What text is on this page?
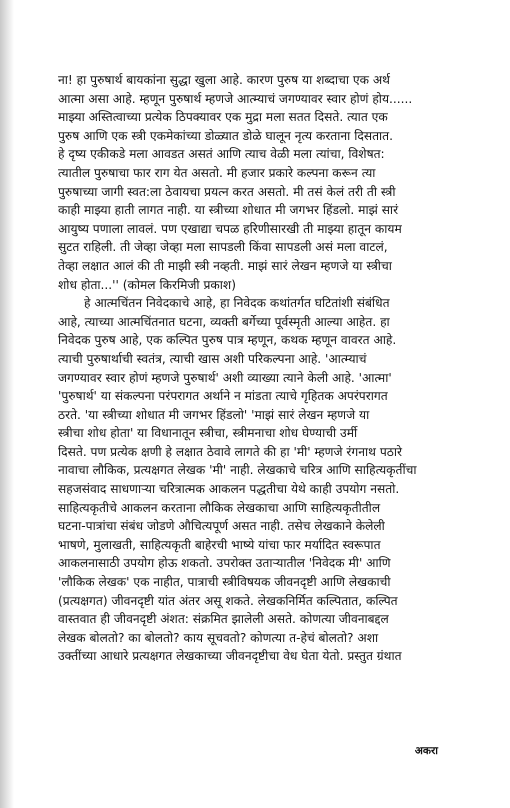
ना! हा पुरुषार्थ बायकांना सुद्धा खुला आहे. कारण पुरुष या शब्दाचा एक अर्थ
आत्मा असा आहे. म्हणून पुरुषार्थ म्हणजे आत्म्याचं जगण्यावर स्वार होणं होय......
माझ्या अस्तित्वाच्या प्रत्येक ठिपक्यावर एक मुद्रा मला सतत दिसते. त्यात एक
पुरुष आणि एक स्त्री एकमेकांच्या डोळ्यात डोळे घालून नृत्य करताना दिसतात.
हे दृष्य एकीकडे मला आवडत असतं आणि त्याच वेळी मला त्यांचा, विशेषत:
त्यातील पुरुषाचा फार राग येत असतो. मी हजार प्रकारे कल्पना करून त्या
पुरुषाच्या जागी स्वत:ला ठेवायचा प्रयत्न करत असतो. मी तसं केलं तरी ती स्त्री
काही माझ्या हाती लागत नाही. या स्त्रीच्या शोधात मी जगभर हिंडलो. माझं सारं
आयुष्य पणाला लावलं. पण एखाद्या चपळ हरिणीसारखी ती माझ्या हातून कायम
सुटत राहिली. ती जेव्हा जेव्हा मला सापडली किंवा सापडली असं मला वाटलं,
तेव्हा लक्षात आलं की ती माझी स्त्री नव्हती. माझं सारं लेखन म्हणजे या स्त्रीचा
शोध होता...'' (कोमल किरमिजी प्रकाश)
हे आत्मचिंतन निवेदकाचे आहे, हा निवेदक कथांतर्गत घटितांशी संबंधित
आहे, त्याच्या आत्मचिंतनात घटना, व्यक्ती बर्गेच्या पूर्वस्मृती आल्या आहेत. हा
निवेदक पुरुष आहे, एक कल्पित पुरुष पात्र म्हणून, कथक म्हणून वावरत आहे.
त्याची पुरुषार्थाची स्वतंत्र, त्याची खास अशी परिकल्पना आहे. 'आत्म्याचं
जगण्यावर स्वार होणं म्हणजे पुरुषार्थ' अशी व्याख्या त्याने केली आहे. 'आत्मा'
'पुरुषार्थ' या संकल्पना परंपरागत अर्थाने न मांडता त्याचे गृहितक अपरंपरागत
ठरते. 'या स्त्रीच्या शोधात मी जगभर हिंडलो' 'माझं सारं लेखन म्हणजे या
स्त्रीचा शोध होता' या विधानातून स्त्रीचा, स्त्रीमनाचा शोध घेण्याची उर्मी
दिसते. पण प्रत्येक क्षणी हे लक्षात ठेवावे लागते की हा 'मी' म्हणजे रंगनाथ पठारे
नावाचा लौकिक, प्रत्यक्षगत लेखक 'मी' नाही. लेखकाचे चरित्र आणि साहित्यकृतींचा
सहजसंवाद साधणाऱ्या चरित्रात्मक आकलन पद्धतीचा येथे काही उपयोग नसतो.
साहित्यकृतीचे आकलन करताना लौकिक लेखकाचा आणि साहित्यकृतीतील
घटना-पात्रांचा संबंध जोडणे औचित्यपूर्ण असत नाही. तसेच लेखकाने केलेली
भाषणे, मुलाखती, साहित्यकृती बाहेरची भाष्ये यांचा फार मर्यादित स्वरूपात
आकलनासाठी उपयोग होऊ शकतो. उपरोक्त उताऱ्यातील 'निवेदक मी' आणि
'लौकिक लेखक' एक नाहीत, पात्राची स्त्रीविषयक जीवनदृष्टी आणि लेखकाची
(प्रत्यक्षगत) जीवनदृष्टी यांत अंतर असू शकते. लेखकनिर्मित कल्पितात, कल्पित
वास्तवात ही जीवनदृष्टी अंशत: संक्रमित झालेली असते. कोणत्या जीवनाबद्दल
लेखक बोलतो? का बोलतो? काय सूचवतो? कोणत्या त-हेचं बोलतो? अशा
उक्तींच्या आधारे प्रत्यक्षगत लेखकाच्या जीवनदृष्टीचा वेध घेता येतो. प्रस्तुत ग्रंथात
अकरा
